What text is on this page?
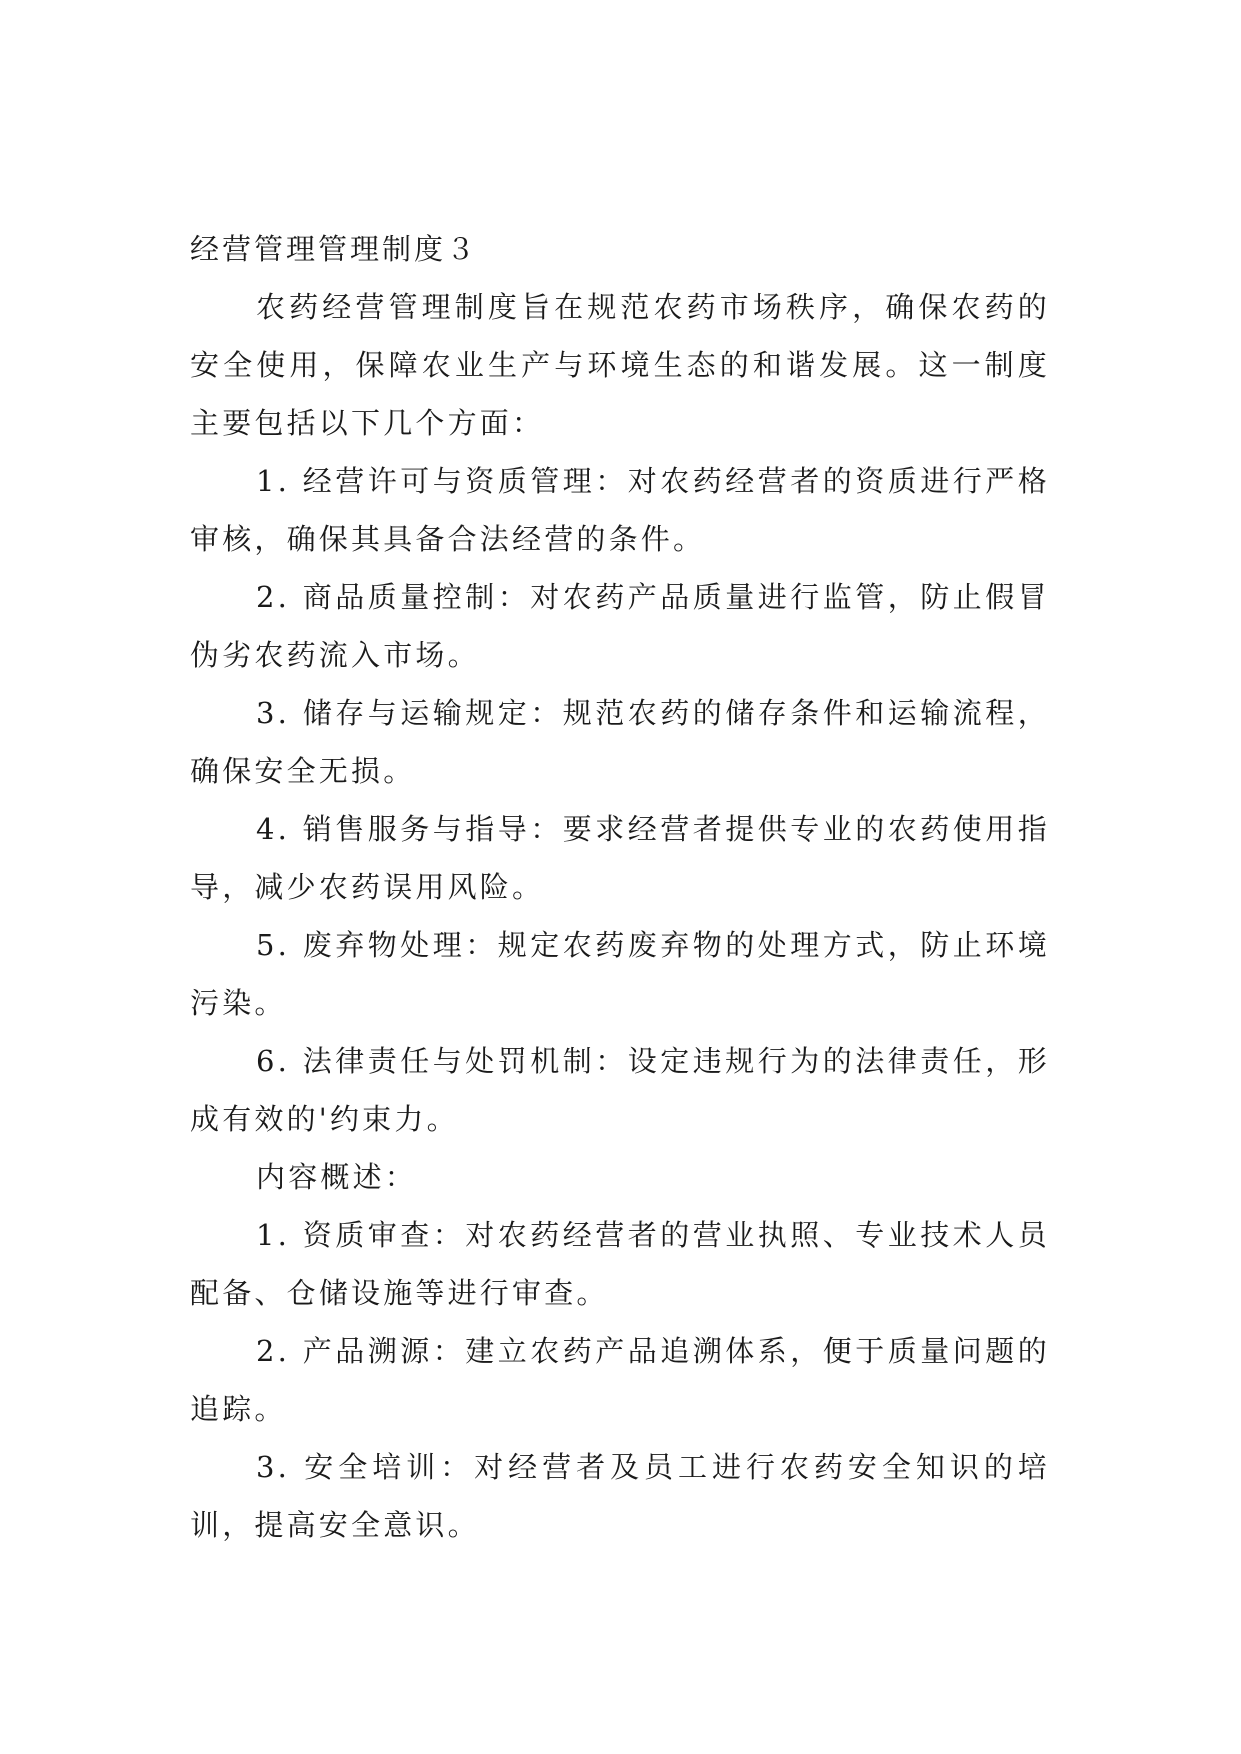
经营管理管理制度３

农药经营管理制度旨在规范农药市场秩序，确保农药的安全使用，保障农业生产与环境生态的和谐发展。这一制度主要包括以下几个方面：

1. 经营许可与资质管理：对农药经营者的资质进行严格审核，确保其具备合法经营的条件。

2. 商品质量控制：对农药产品质量进行监管，防止假冒伪劣农药流入市场。

3. 储存与运输规定：规范农药的储存条件和运输流程，确保安全无损。

4. 销售服务与指导：要求经营者提供专业的农药使用指导，减少农药误用风险。

5. 废弃物处理：规定农药废弃物的处理方式，防止环境污染。

6. 法律责任与处罚机制：设定违规行为的法律责任，形成有效的'约束力。

内容概述：

1. 资质审查：对农药经营者的营业执照、专业技术人员配备、仓储设施等进行审查。

2. 产品溯源：建立农药产品追溯体系，便于质量问题的追踪。

3. 安全培训：对经营者及员工进行农药安全知识的培训，提高安全意识。
